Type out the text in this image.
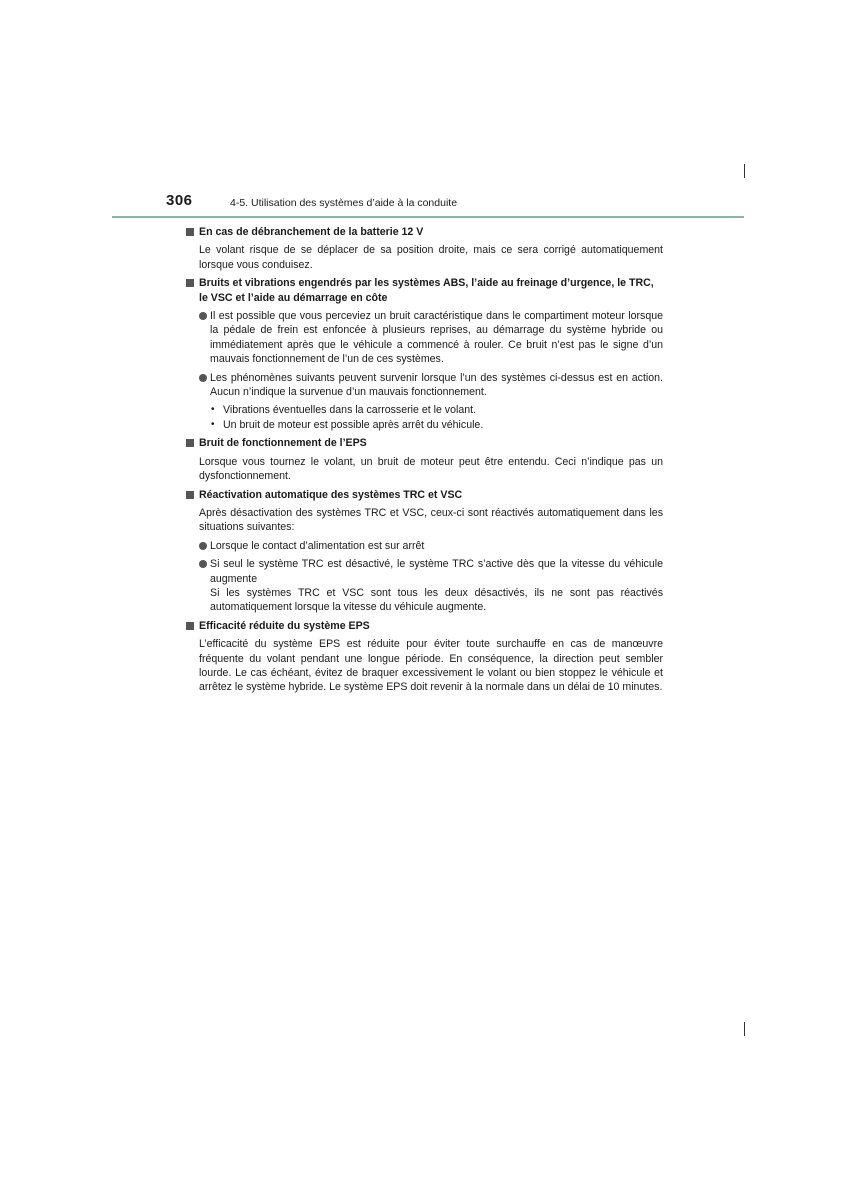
306	4-5. Utilisation des systèmes d’aide à la conduite
En cas de débranchement de la batterie 12 V
Le volant risque de se déplacer de sa position droite, mais ce sera corrigé automatiquement lorsque vous conduisez.
Bruits et vibrations engendrés par les systèmes ABS, l’aide au freinage d’urgence, le TRC, le VSC et l’aide au démarrage en côte
Il est possible que vous perceviez un bruit caractéristique dans le compartiment moteur lorsque la pédale de frein est enfoncée à plusieurs reprises, au démarrage du système hybride ou immédiatement après que le véhicule a commencé à rouler. Ce bruit n’est pas le signe d’un mauvais fonctionnement de l’un de ces systèmes.
Les phénomènes suivants peuvent survenir lorsque l’un des systèmes ci-dessus est en action. Aucun n’indique la survenue d’un mauvais fonctionnement.
• Vibrations éventuelles dans la carrosserie et le volant.
• Un bruit de moteur est possible après arrêt du véhicule.
Bruit de fonctionnement de l’EPS
Lorsque vous tournez le volant, un bruit de moteur peut être entendu. Ceci n’indique pas un dysfonctionnement.
Réactivation automatique des systèmes TRC et VSC
Après désactivation des systèmes TRC et VSC, ceux-ci sont réactivés automatiquement dans les situations suivantes:
Lorsque le contact d’alimentation est sur arrêt
Si seul le système TRC est désactivé, le système TRC s’active dès que la vitesse du véhicule augmente
Si les systèmes TRC et VSC sont tous les deux désactivés, ils ne sont pas réactivés automatiquement lorsque la vitesse du véhicule augmente.
Efficacité réduite du système EPS
L’efficacité du système EPS est réduite pour éviter toute surchauffe en cas de manœuvre fréquente du volant pendant une longue période. En conséquence, la direction peut sembler lourde. Le cas échéant, évitez de braquer excessivement le volant ou bien stoppez le véhicule et arrêtez le système hybride. Le système EPS doit revenir à la normale dans un délai de 10 minutes.
